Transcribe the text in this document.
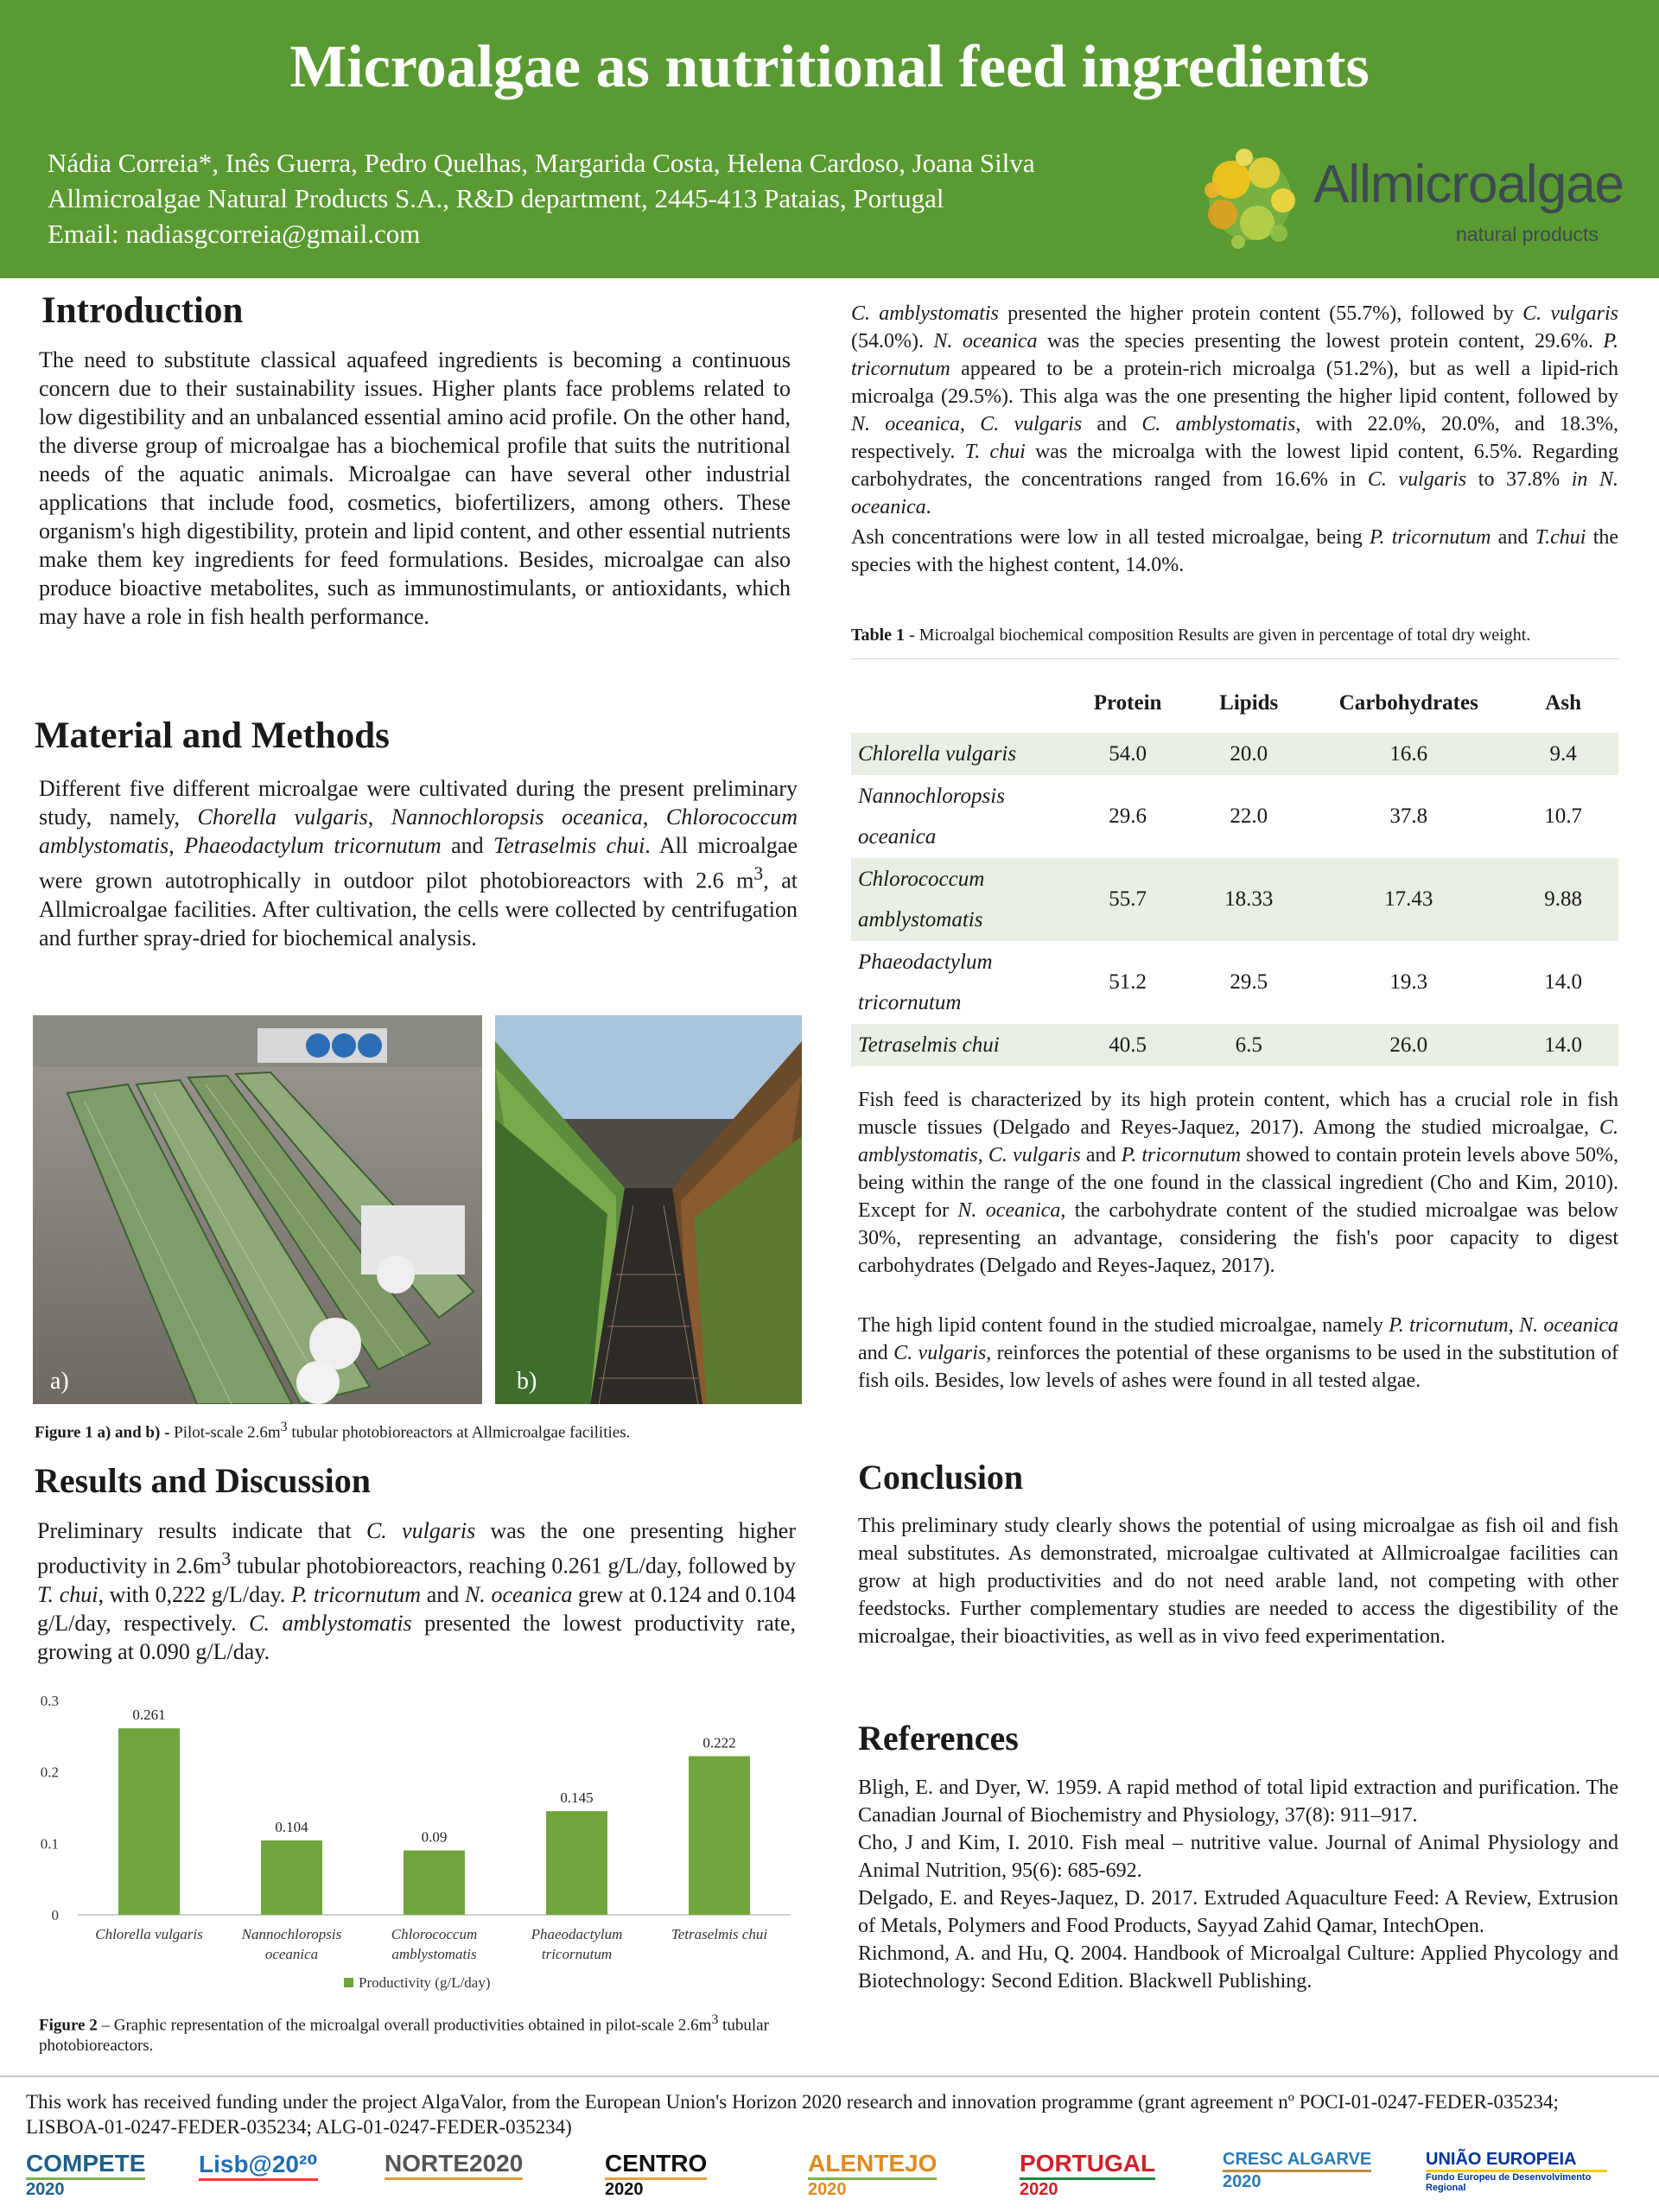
Microalgae as nutritional feed ingredients
Nádia Correia*, Inês Guerra, Pedro Quelhas, Margarida Costa, Helena Cardoso, Joana Silva
Allmicroalgae Natural Products S.A., R&D department, 2445-413 Pataias, Portugal
Email: nadiasgcorreia@gmail.com
Allmicroalgae
natural products
Introduction
The need to substitute classical aquafeed ingredients is becoming a continuous concern due to their sustainability issues. Higher plants face problems related to low digestibility and an unbalanced essential amino acid profile. On the other hand, the diverse group of microalgae has a biochemical profile that suits the nutritional needs of the aquatic animals. Microalgae can have several other industrial applications that include food, cosmetics, biofertilizers, among others. These organism's high digestibility, protein and lipid content, and other essential nutrients make them key ingredients for feed formulations. Besides, microalgae can also produce bioactive metabolites, such as immunostimulants, or antioxidants, which may have a role in fish health performance.
Material and Methods
Different five different microalgae were cultivated during the present preliminary study, namely, Chorella vulgaris, Nannochloropsis oceanica, Chlorococcum amblystomatis, Phaeodactylum tricornutum and Tetraselmis chui. All microalgae were grown autotrophically in outdoor pilot photobioreactors with 2.6 $m^3$, at Allmicroalgae facilities. After cultivation, the cells were collected by centrifugation and further spray-dried for biochemical analysis.
a)	b)
Figure 1 a) and b) - Pilot-scale $2.6m^3$ tubular photobioreactors at Allmicroalgae facilities.
Results and Discussion
Preliminary results indicate that C. vulgaris was the one presenting higher productivity in $2.6m^3$ tubular photobioreactors, reaching 0.261 g/L/day, followed by T. chui, with 0,222 g/L/day. P. tricornutum and N. oceanica grew at 0.124 and 0.104 g/L/day, respectively. C. amblystomatis presented the lowest productivity rate, growing at 0.090 g/L/day.
0
0.1
0.2
0.3
0.261
Chlorella vulgaris
0.104
Nannochloropsis
oceanica
0.09
Chlorococcum
amblystomatis
0.145
Phaeodactylum
tricornutum
0.222
Tetraselmis chui
Productivity (g/L/day)
Figure 2 – Graphic representation of the microalgal overall productivities obtained in pilot-scale $2.6m^3$ tubular photobioreactors.
C. amblystomatis presented the higher protein content (55.7%), followed by C. vulgaris (54.0%). N. oceanica was the species presenting the lowest protein content, 29.6%. P. tricornutum appeared to be a protein-rich microalga (51.2%), but as well a lipid-rich microalga (29.5%). This alga was the one presenting the higher lipid content, followed by N. oceanica, C. vulgaris and C. amblystomatis, with 22.0%, 20.0%, and 18.3%, respectively. T. chui was the microalga with the lowest lipid content, 6.5%. Regarding carbohydrates, the concentrations ranged from 16.6% in C. vulgaris to 37.8% in N. oceanica.
Ash concentrations were low in all tested microalgae, being P. tricornutum and T.chui the species with the highest content, 14.0%.
Table 1 - Microalgal biochemical composition Results are given in percentage of total dry weight.
	Protein	Lipids	Carbohydrates	Ash
Chlorella vulgaris	54.0	20.0	16.6	9.4
Nannochloropsis
oceanica	29.6	22.0	37.8	10.7
Chlorococcum
amblystomatis	55.7	18.33	17.43	9.88
Phaeodactylum
tricornutum	51.2	29.5	19.3	14.0
Tetraselmis chui	40.5	6.5	26.0	14.0
Fish feed is characterized by its high protein content, which has a crucial role in fish muscle tissues (Delgado and Reyes-Jaquez, 2017). Among the studied microalgae, C. amblystomatis, C. vulgaris and P. tricornutum showed to contain protein levels above 50%, being within the range of the one found in the classical ingredient (Cho and Kim, 2010). Except for N. oceanica, the carbohydrate content of the studied microalgae was below 30%, representing an advantage, considering the fish's poor capacity to digest carbohydrates (Delgado and Reyes-Jaquez, 2017).
The high lipid content found in the studied microalgae, namely P. tricornutum, N. oceanica and C. vulgaris, reinforces the potential of these organisms to be used in the substitution of fish oils. Besides, low levels of ashes were found in all tested algae.
Conclusion
This preliminary study clearly shows the potential of using microalgae as fish oil and fish meal substitutes. As demonstrated, microalgae cultivated at Allmicroalgae facilities can grow at high productivities and do not need arable land, not competing with other feedstocks. Further complementary studies are needed to access the digestibility of the microalgae, their bioactivities, as well as in vivo feed experimentation.
References

Bligh, E. and Dyer, W. 1959. A rapid method of total lipid extraction and purification. The Canadian Journal of Biochemistry and Physiology, 37(8): 911–917.

Cho, J and Kim, I. 2010. Fish meal – nutritive value. Journal of Animal Physiology and Animal Nutrition, 95(6): 685-692.

Delgado, E. and Reyes-Jaquez, D. 2017. Extruded Aquaculture Feed: A Review, Extrusion of Metals, Polymers and Food Products, Sayyad Zahid Qamar, IntechOpen.

Richmond, A. and Hu, Q. 2004. Handbook of Microalgal Culture: Applied Phycology and Biotechnology: Second Edition. Blackwell Publishing.

This work has received funding under the project AlgaValor, from the European Union's Horizon 2020 research and innovation programme (grant agreement nº POCI-01-0247-FEDER-035234; LISBOA-01-0247-FEDER-035234; ALG-01-0247-FEDER-035234)
COMPETE
2020
Lisb@20²⁰	NORTE2020	CENTRO
2020
ALENTEJO
2020
PORTUGAL
2020
CRESC ALGARVE
2020
UNIÃO EUROPEIA
Fundo Europeu de Desenvolvimento Regional
